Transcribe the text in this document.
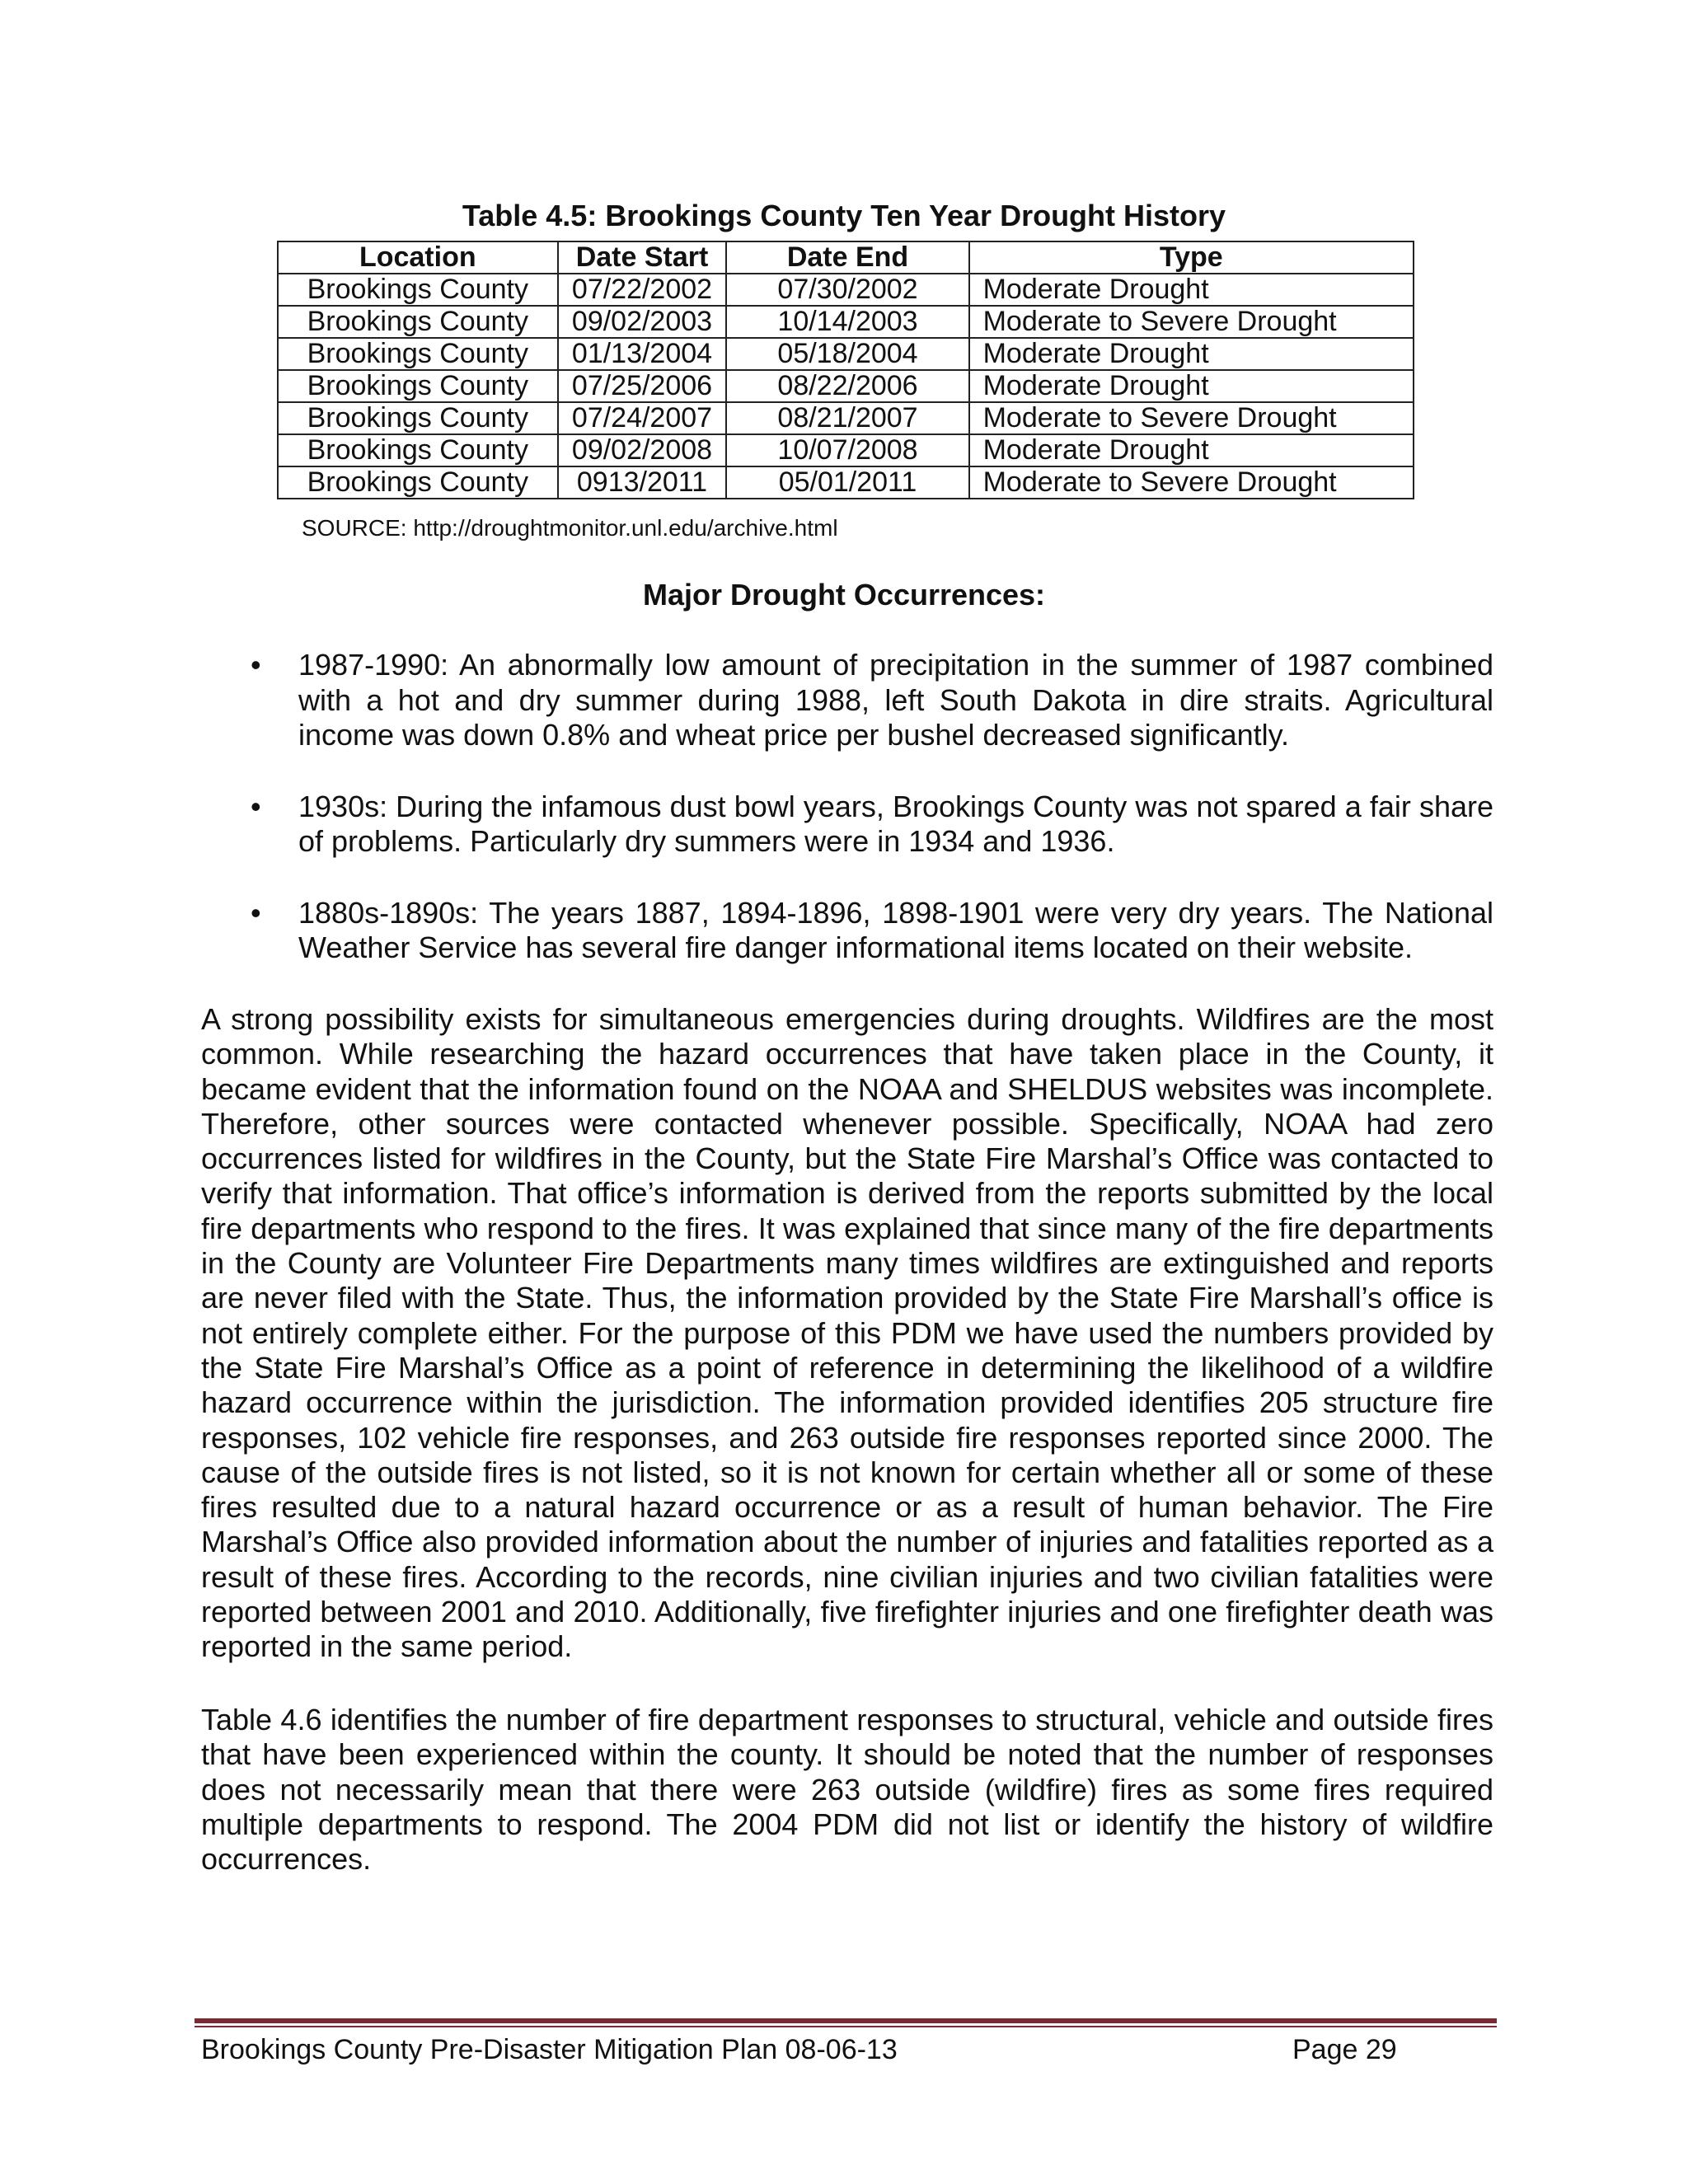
Table 4.5: Brookings County Ten Year Drought History
Location	Date Start	Date End	Type
Brookings County	07/22/2002	07/30/2002	Moderate Drought
Brookings County	09/02/2003	10/14/2003	Moderate to Severe Drought
Brookings County	01/13/2004	05/18/2004	Moderate Drought
Brookings County	07/25/2006	08/22/2006	Moderate Drought
Brookings County	07/24/2007	08/21/2007	Moderate to Severe Drought
Brookings County	09/02/2008	10/07/2008	Moderate Drought
Brookings County	0913/2011	05/01/2011	Moderate to Severe Drought
SOURCE: http://droughtmonitor.unl.edu/archive.html
Major Drought Occurrences:
• 1987-1990: An abnormally low amount of precipitation in the summer of 1987 combined with a hot and dry summer during 1988, left South Dakota in dire straits. Agricultural income was down 0.8% and wheat price per bushel decreased significantly.
• 1930s: During the infamous dust bowl years, Brookings County was not spared a fair share of problems. Particularly dry summers were in 1934 and 1936.
• 1880s-1890s: The years 1887, 1894-1896, 1898-1901 were very dry years. The National Weather Service has several fire danger informational items located on their website.

A strong possibility exists for simultaneous emergencies during droughts. Wildfires are the most common. While researching the hazard occurrences that have taken place in the County, it became evident that the information found on the NOAA and SHELDUS websites was incomplete. Therefore, other sources were contacted whenever possible. Specifically, NOAA had zero occurrences listed for wildfires in the County, but the State Fire Marshal’s Office was contacted to verify that information. That office’s information is derived from the reports submitted by the local fire departments who respond to the fires. It was explained that since many of the fire departments in the County are Volunteer Fire Departments many times wildfires are extinguished and reports are never filed with the State. Thus, the information provided by the State Fire Marshall’s office is not entirely complete either. For the purpose of this PDM we have used the numbers provided by the State Fire Marshal’s Office as a point of reference in determining the likelihood of a wildfire hazard occurrence within the jurisdiction. The information provided identifies 205 structure fire responses, 102 vehicle fire responses, and 263 outside fire responses reported since 2000. The cause of the outside fires is not listed, so it is not known for certain whether all or some of these fires resulted due to a natural hazard occurrence or as a result of human behavior. The Fire Marshal’s Office also provided information about the number of injuries and fatalities reported as a result of these fires. According to the records, nine civilian injuries and two civilian fatalities were reported between 2001 and 2010. Additionally, five firefighter injuries and one firefighter death was reported in the same period.

Table 4.6 identifies the number of fire department responses to structural, vehicle and outside fires that have been experienced within the county. It should be noted that the number of responses does not necessarily mean that there were 263 outside (wildfire) fires as some fires required multiple departments to respond. The 2004 PDM did not list or identify the history of wildfire occurrences.

Brookings County Pre-Disaster Mitigation Plan 08-06-13	Page 29
